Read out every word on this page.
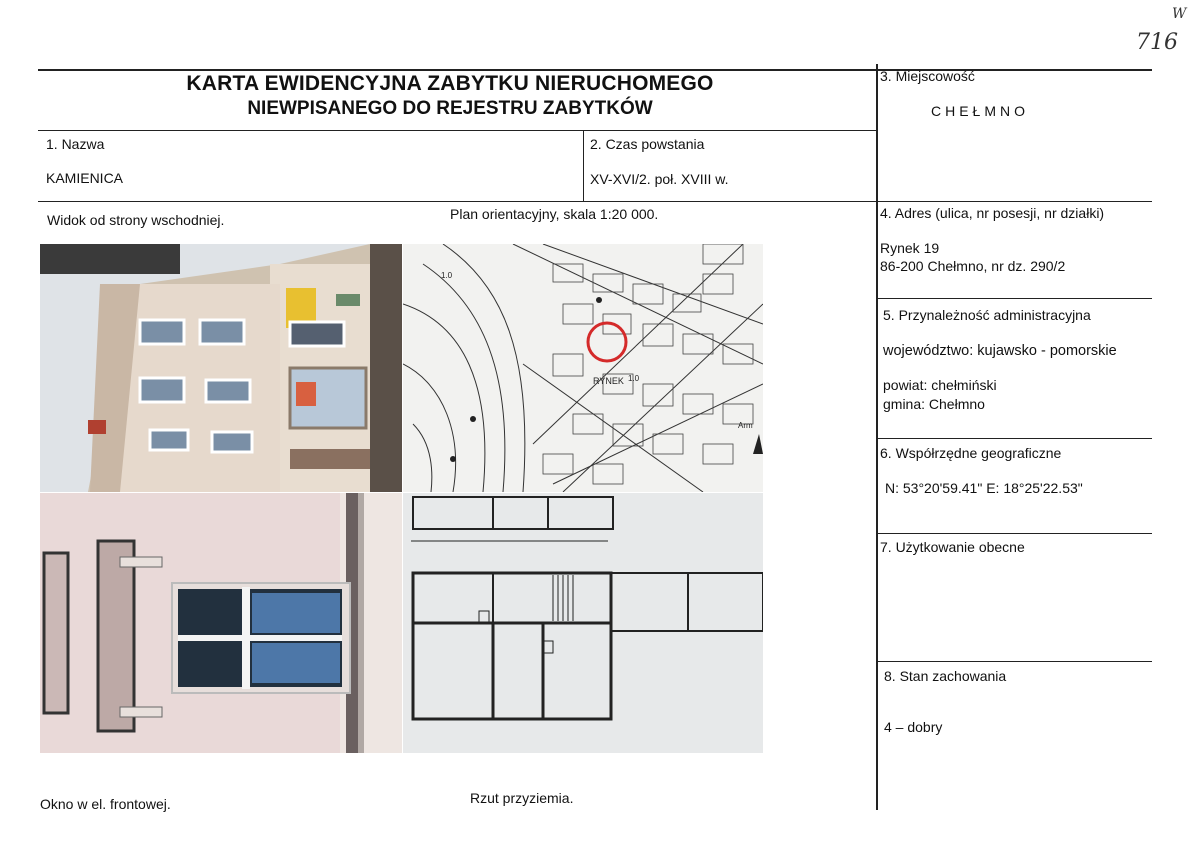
W
716
KARTA EWIDENCYJNA ZABYTKU NIERUCHOMEGO
NIEWPISANEGO DO REJESTRU ZABYTKÓW
1. Nazwa
KAMIENICA
2. Czas powstania
XV-XVI/2. poł. XVIII w.
3. Miejscowość
CHEŁMNO
4. Adres (ulica, nr posesji, nr działki)
Rynek 19
86-200 Chełmno, nr dz. 290/2
5. Przynależność administracyjna
województwo: kujawsko - pomorskie
powiat: chełmiński
gmina: Chełmno
6. Współrzędne geograficzne
N: 53°20'59.41" E: 18°25'22.53"
7. Użytkowanie obecne
8. Stan zachowania
4 – dobry
Widok od strony wschodniej.	Plan orientacyjny, skala 1:20 000.
Okno w el. frontowej.	Rzut przyziemia.
RYNEK 1.0
1.0
Arm
